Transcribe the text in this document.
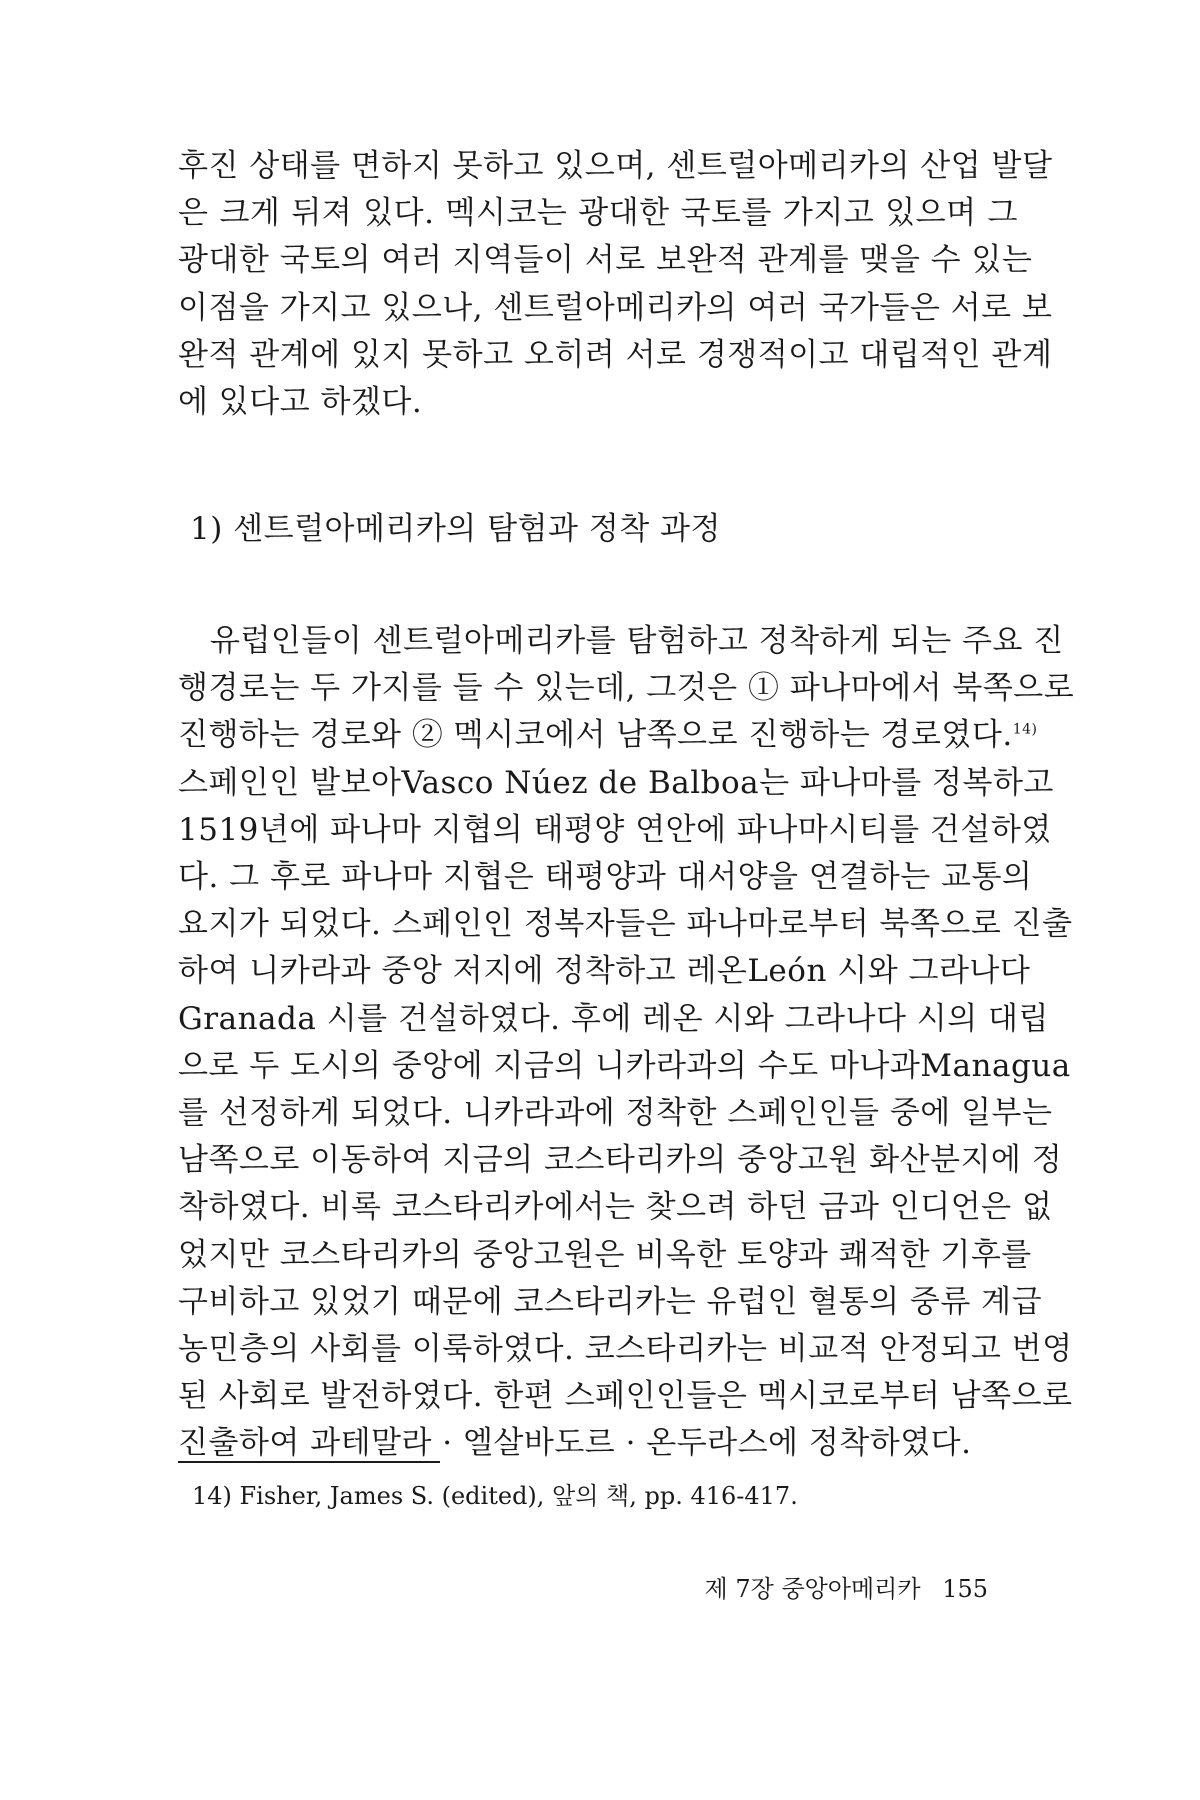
후진 상태를 면하지 못하고 있으며, 센트럴아메리카의 산업 발달
은 크게 뒤져 있다. 멕시코는 광대한 국토를 가지고 있으며 그
광대한 국토의 여러 지역들이 서로 보완적 관계를 맺을 수 있는
이점을 가지고 있으나, 센트럴아메리카의 여러 국가들은 서로 보
완적 관계에 있지 못하고 오히려 서로 경쟁적이고 대립적인 관계
에 있다고 하겠다.
1) 센트럴아메리카의 탐험과 정착 과정
유럽인들이 센트럴아메리카를 탐험하고 정착하게 되는 주요 진
행경로는 두 가지를 들 수 있는데, 그것은 ① 파나마에서 북쪽으로
진행하는 경로와 ② 멕시코에서 남쪽으로 진행하는 경로였다.$^{14)}$
스페인인 발보아Vasco Núez de Balboa는 파나마를 정복하고
1519년에 파나마 지협의 태평양 연안에 파나마시티를 건설하였
다. 그 후로 파나마 지협은 태평양과 대서양을 연결하는 교통의
요지가 되었다. 스페인인 정복자들은 파나마로부터 북쪽으로 진출
하여 니카라과 중앙 저지에 정착하고 레온León 시와 그라나다
Granada 시를 건설하였다. 후에 레온 시와 그라나다 시의 대립
으로 두 도시의 중앙에 지금의 니카라과의 수도 마나과Managua
를 선정하게 되었다. 니카라과에 정착한 스페인인들 중에 일부는
남쪽으로 이동하여 지금의 코스타리카의 중앙고원 화산분지에 정
착하였다. 비록 코스타리카에서는 찾으려 하던 금과 인디언은 없
었지만 코스타리카의 중앙고원은 비옥한 토양과 쾌적한 기후를
구비하고 있었기 때문에 코스타리카는 유럽인 혈통의 중류 계급
농민층의 사회를 이룩하였다. 코스타리카는 비교적 안정되고 번영
된 사회로 발전하였다. 한편 스페인인들은 멕시코로부터 남쪽으로
진출하여 과테말라 · 엘살바도르 · 온두라스에 정착하였다.
14) Fisher, James S. (edited), 앞의 책, pp. 416-417.
제 7장 중앙아메리카 155
